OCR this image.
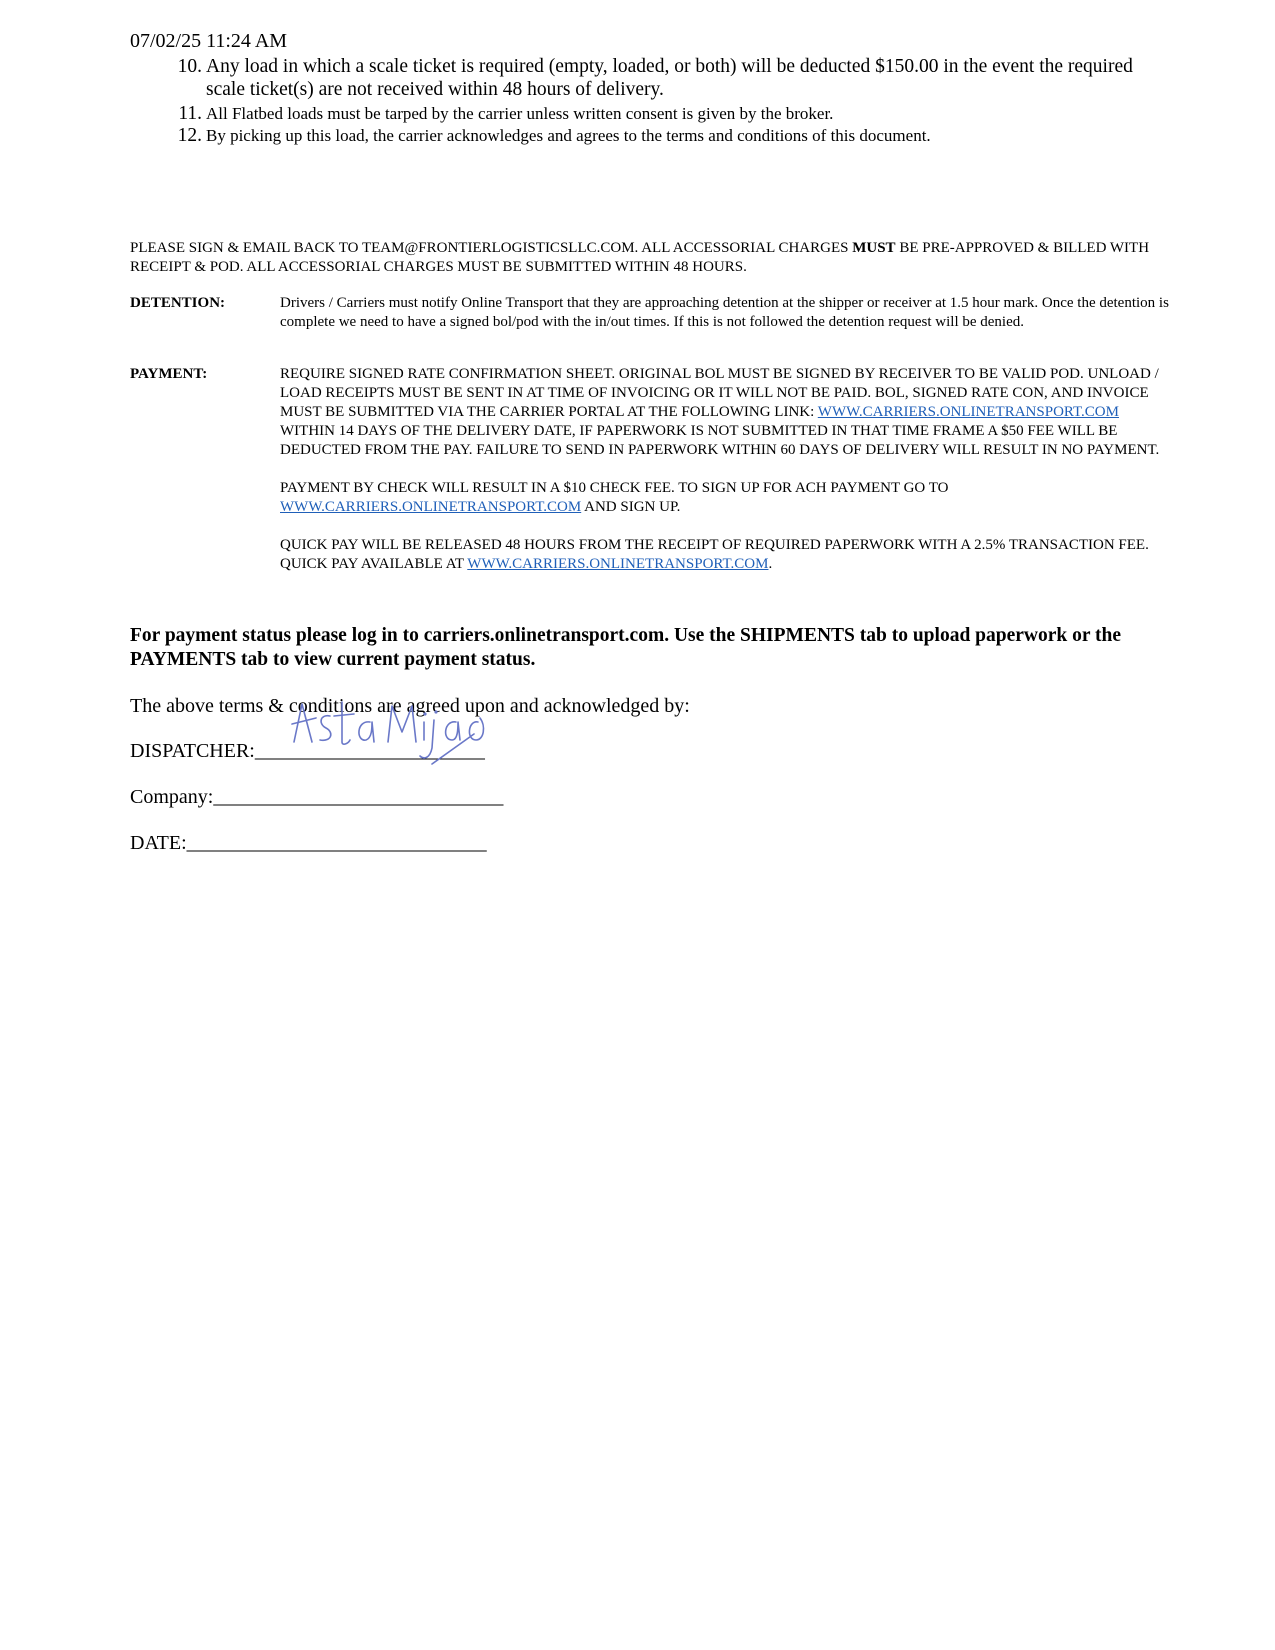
07/02/25 11:24 AM
10. Any load in which a scale ticket is required (empty, loaded, or both) will be deducted $150.00 in the event the required scale ticket(s) are not received within 48 hours of delivery.
11. All Flatbed loads must be tarped by the carrier unless written consent is given by the broker.
12. By picking up this load, the carrier acknowledges and agrees to the terms and conditions of this document.
PLEASE SIGN & EMAIL BACK TO TEAM@FRONTIERLOGISTICSLLC.COM. ALL ACCESSORIAL CHARGES MUST BE PRE-APPROVED & BILLED WITH RECEIPT & POD. ALL ACCESSORIAL CHARGES MUST BE SUBMITTED WITHIN 48 HOURS.
DETENTION:	Drivers / Carriers must notify Online Transport that they are approaching detention at the shipper or receiver at 1.5 hour mark. Once the detention is complete we need to have a signed bol/pod with the in/out times. If this is not followed the detention request will be denied.
PAYMENT:	REQUIRE SIGNED RATE CONFIRMATION SHEET. ORIGINAL BOL MUST BE SIGNED BY RECEIVER TO BE VALID POD. UNLOAD / LOAD RECEIPTS MUST BE SENT IN AT TIME OF INVOICING OR IT WILL NOT BE PAID. BOL, SIGNED RATE CON, AND INVOICE MUST BE SUBMITTED VIA THE CARRIER PORTAL AT THE FOLLOWING LINK: WWW.CARRIERS.ONLINETRANSPORT.COM WITHIN 14 DAYS OF THE DELIVERY DATE, IF PAPERWORK IS NOT SUBMITTED IN THAT TIME FRAME A $50 FEE WILL BE DEDUCTED FROM THE PAY. FAILURE TO SEND IN PAPERWORK WITHIN 60 DAYS OF DELIVERY WILL RESULT IN NO PAYMENT.

PAYMENT BY CHECK WILL RESULT IN A $10 CHECK FEE. TO SIGN UP FOR ACH PAYMENT GO TO WWW.CARRIERS.ONLINETRANSPORT.COM AND SIGN UP.

QUICK PAY WILL BE RELEASED 48 HOURS FROM THE RECEIPT OF REQUIRED PAPERWORK WITH A 2.5% TRANSACTION FEE. QUICK PAY AVAILABLE AT WWW.CARRIERS.ONLINETRANSPORT.COM.

For payment status please log in to carriers.onlinetransport.com. Use the SHIPMENTS tab to upload paperwork or the PAYMENTS tab to view current payment status.
The above terms & conditions are agreed upon and acknowledged by:
DISPATCHER:_______________________
Company:_____________________________
DATE:______________________________
